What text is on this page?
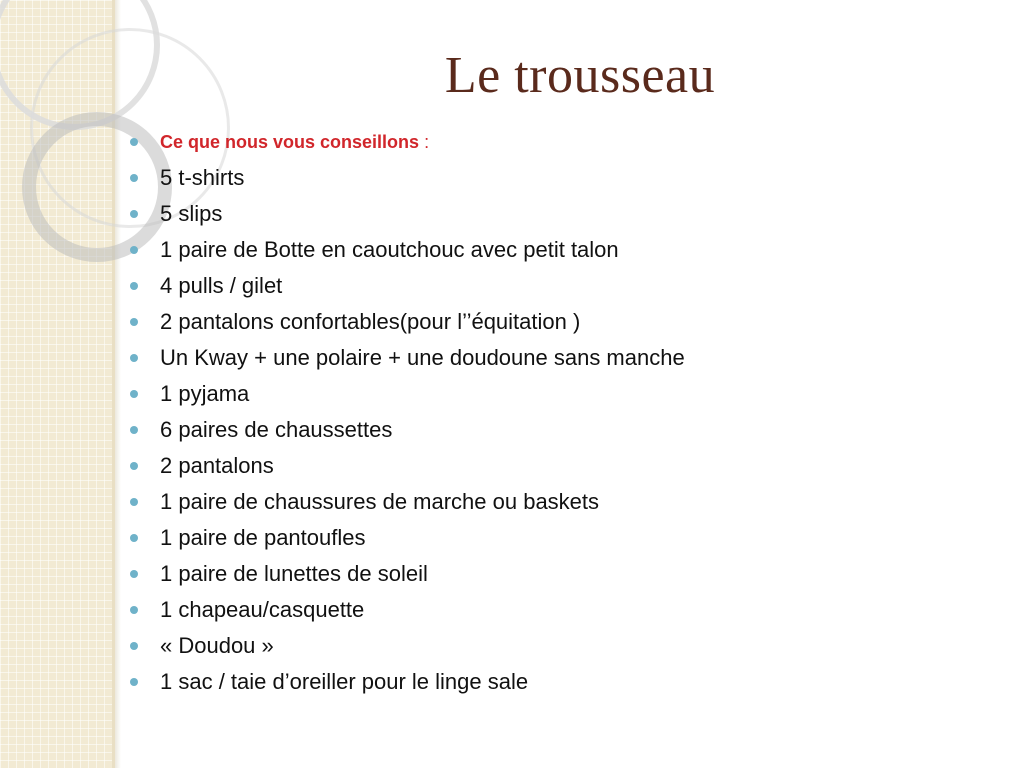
Le trousseau
Ce que nous vous conseillons :
5 t-shirts
5 slips
1 paire de Botte en caoutchouc avec petit talon
4 pulls / gilet
2 pantalons confortables(pour l’’équitation )
Un Kway + une polaire + une doudoune sans manche
1 pyjama
6 paires de chaussettes
2 pantalons
1 paire de chaussures de marche ou baskets
1 paire de pantoufles
1 paire de lunettes de soleil
1 chapeau/casquette
« Doudou »
1 sac / taie d’oreiller pour le linge sale
